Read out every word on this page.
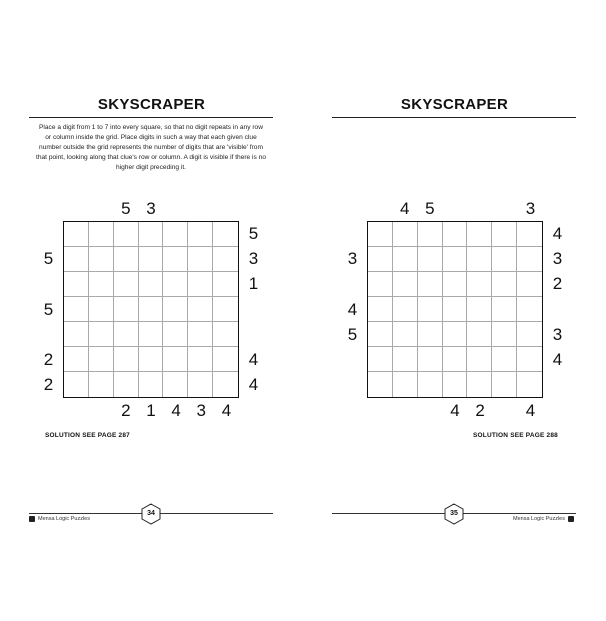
SKYSCRAPER
Place a digit from 1 to 7 into every square, so that no digit repeats in any row or column inside the grid. Place digits in such a way that each given clue number outside the grid represents the number of digits that are 'visible' from that point, looking along that clue's row or column. A digit is visible if there is no higher digit preceding it.
5 3
2 1 4 3 4
5
5
2
2
5
3
1
4
4
SOLUTION SEE PAGE 287
34
Mensa Logic Puzzles
SKYSCRAPER
4 5	3
4 2	4
3
4
5
4
3
2
3
4
SOLUTION SEE PAGE 288
35
Mensa Logic Puzzles
